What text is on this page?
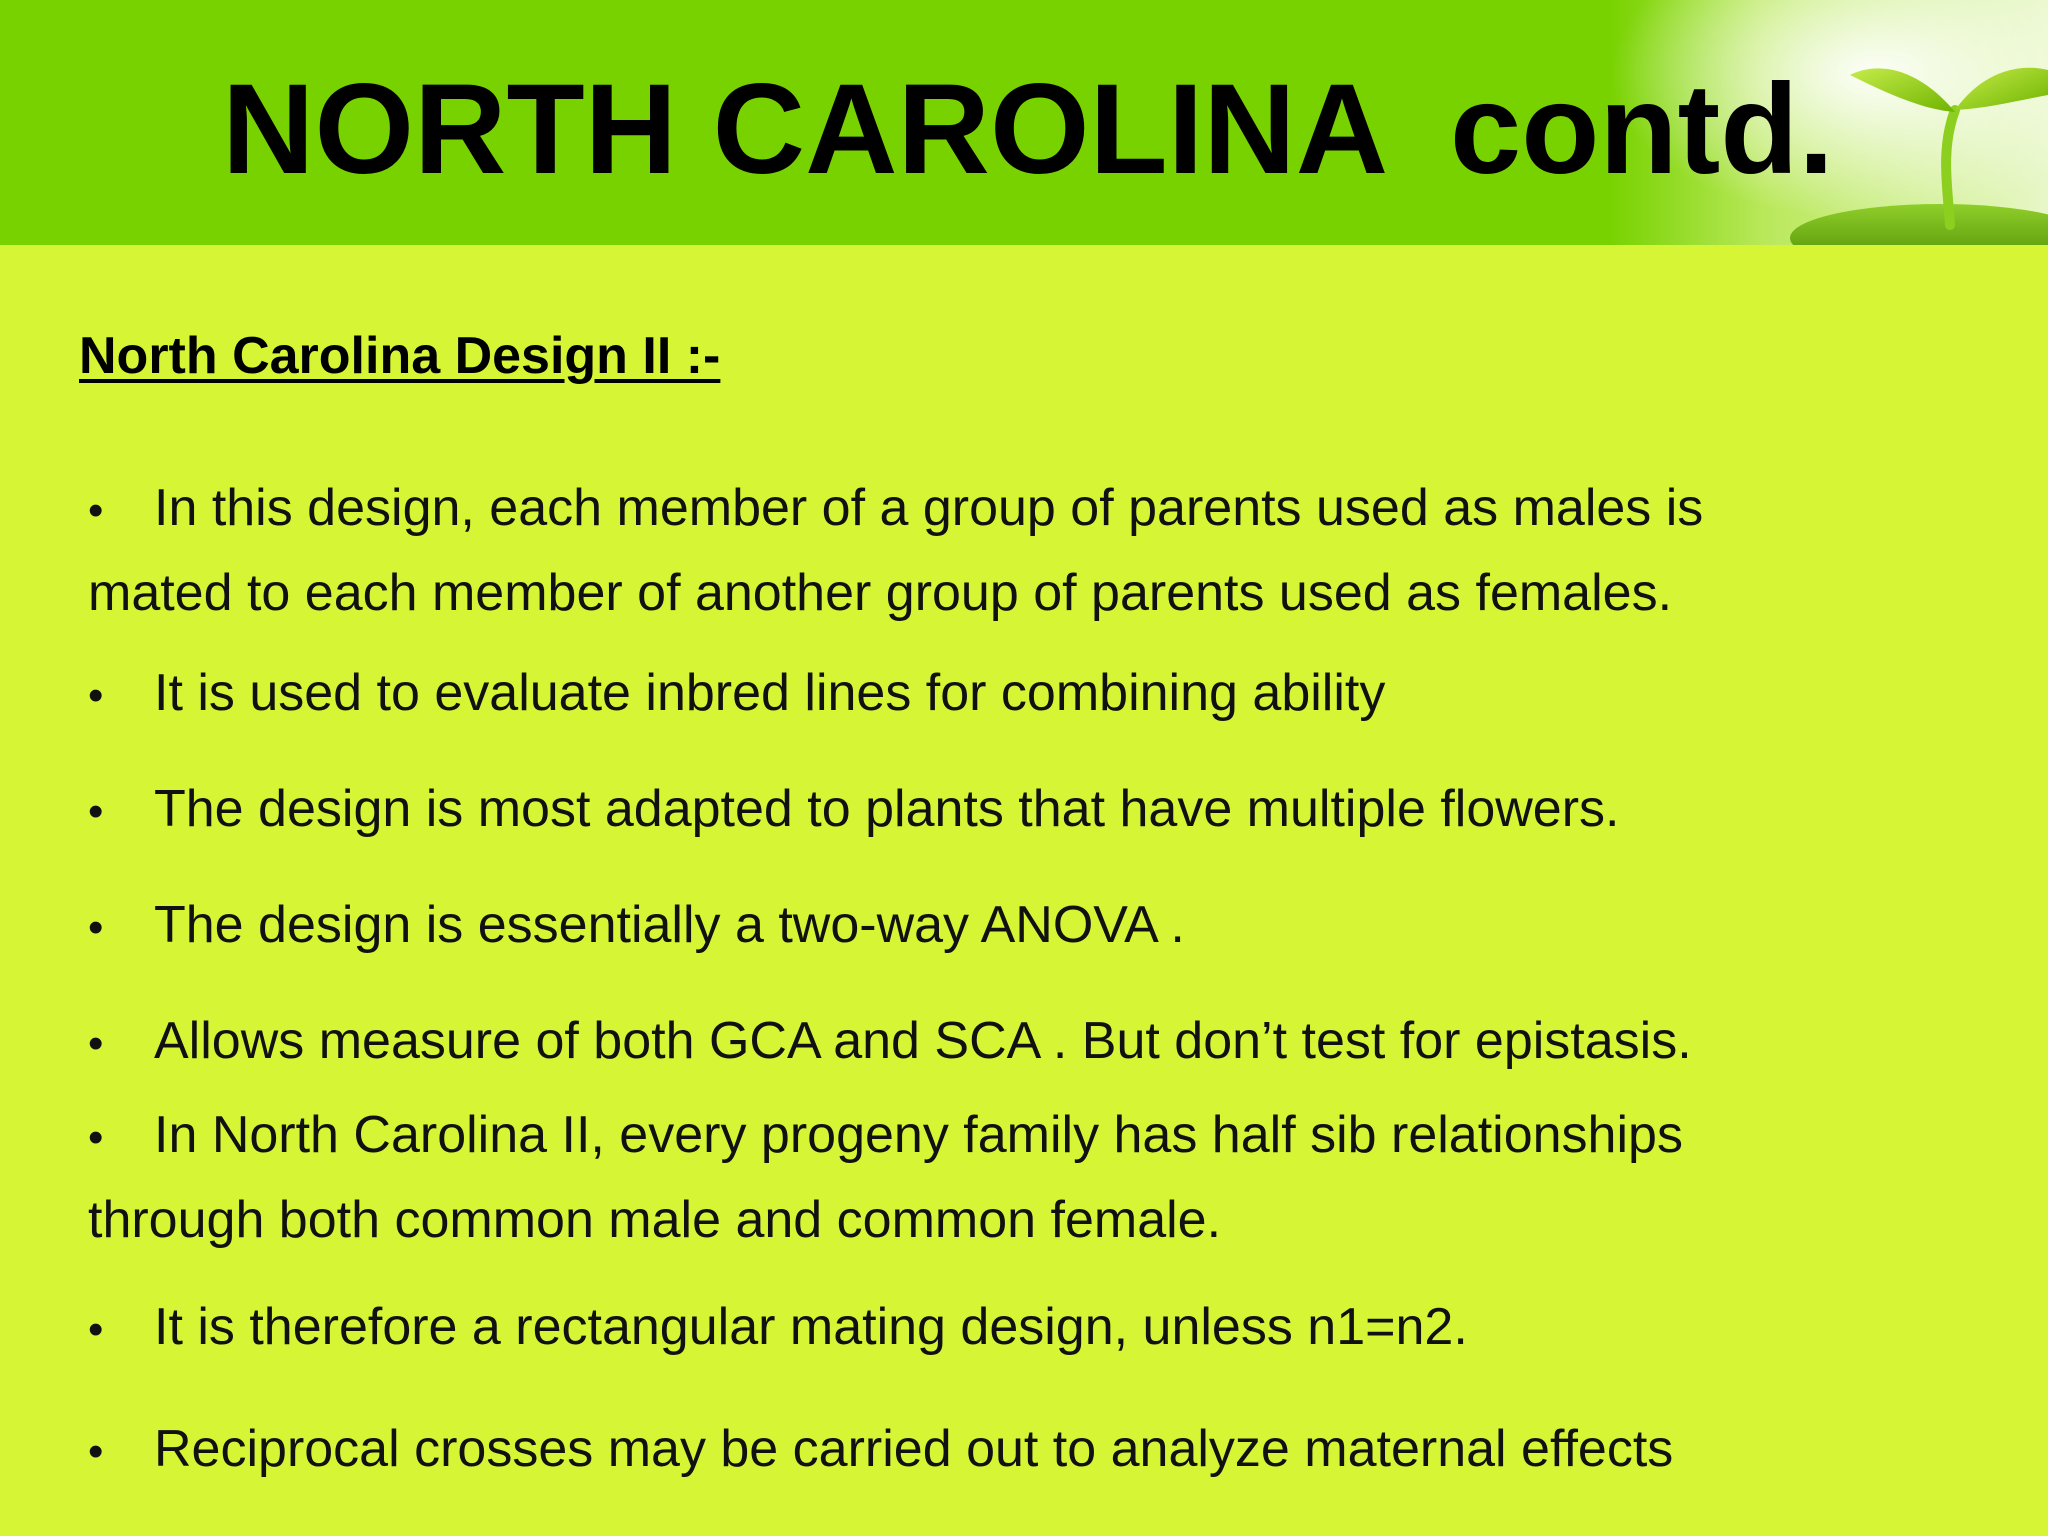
NORTH CAROLINA

contd.

North Carolina Design II :-
• In this design, each member of a group of parents used as males is
mated to each member of another group of parents used as females.
• It is used to evaluate inbred lines for combining ability
• The design is most adapted to plants that have multiple flowers.
• The design is essentially a two-way ANOVA .
• Allows measure of both GCA and SCA . But don’t test for epistasis.
• In North Carolina II, every progeny family has half sib relationships
through both common male and common female.
• It is therefore a rectangular mating design, unless n1=n2.
• Reciprocal crosses may be carried out to analyze maternal effects
